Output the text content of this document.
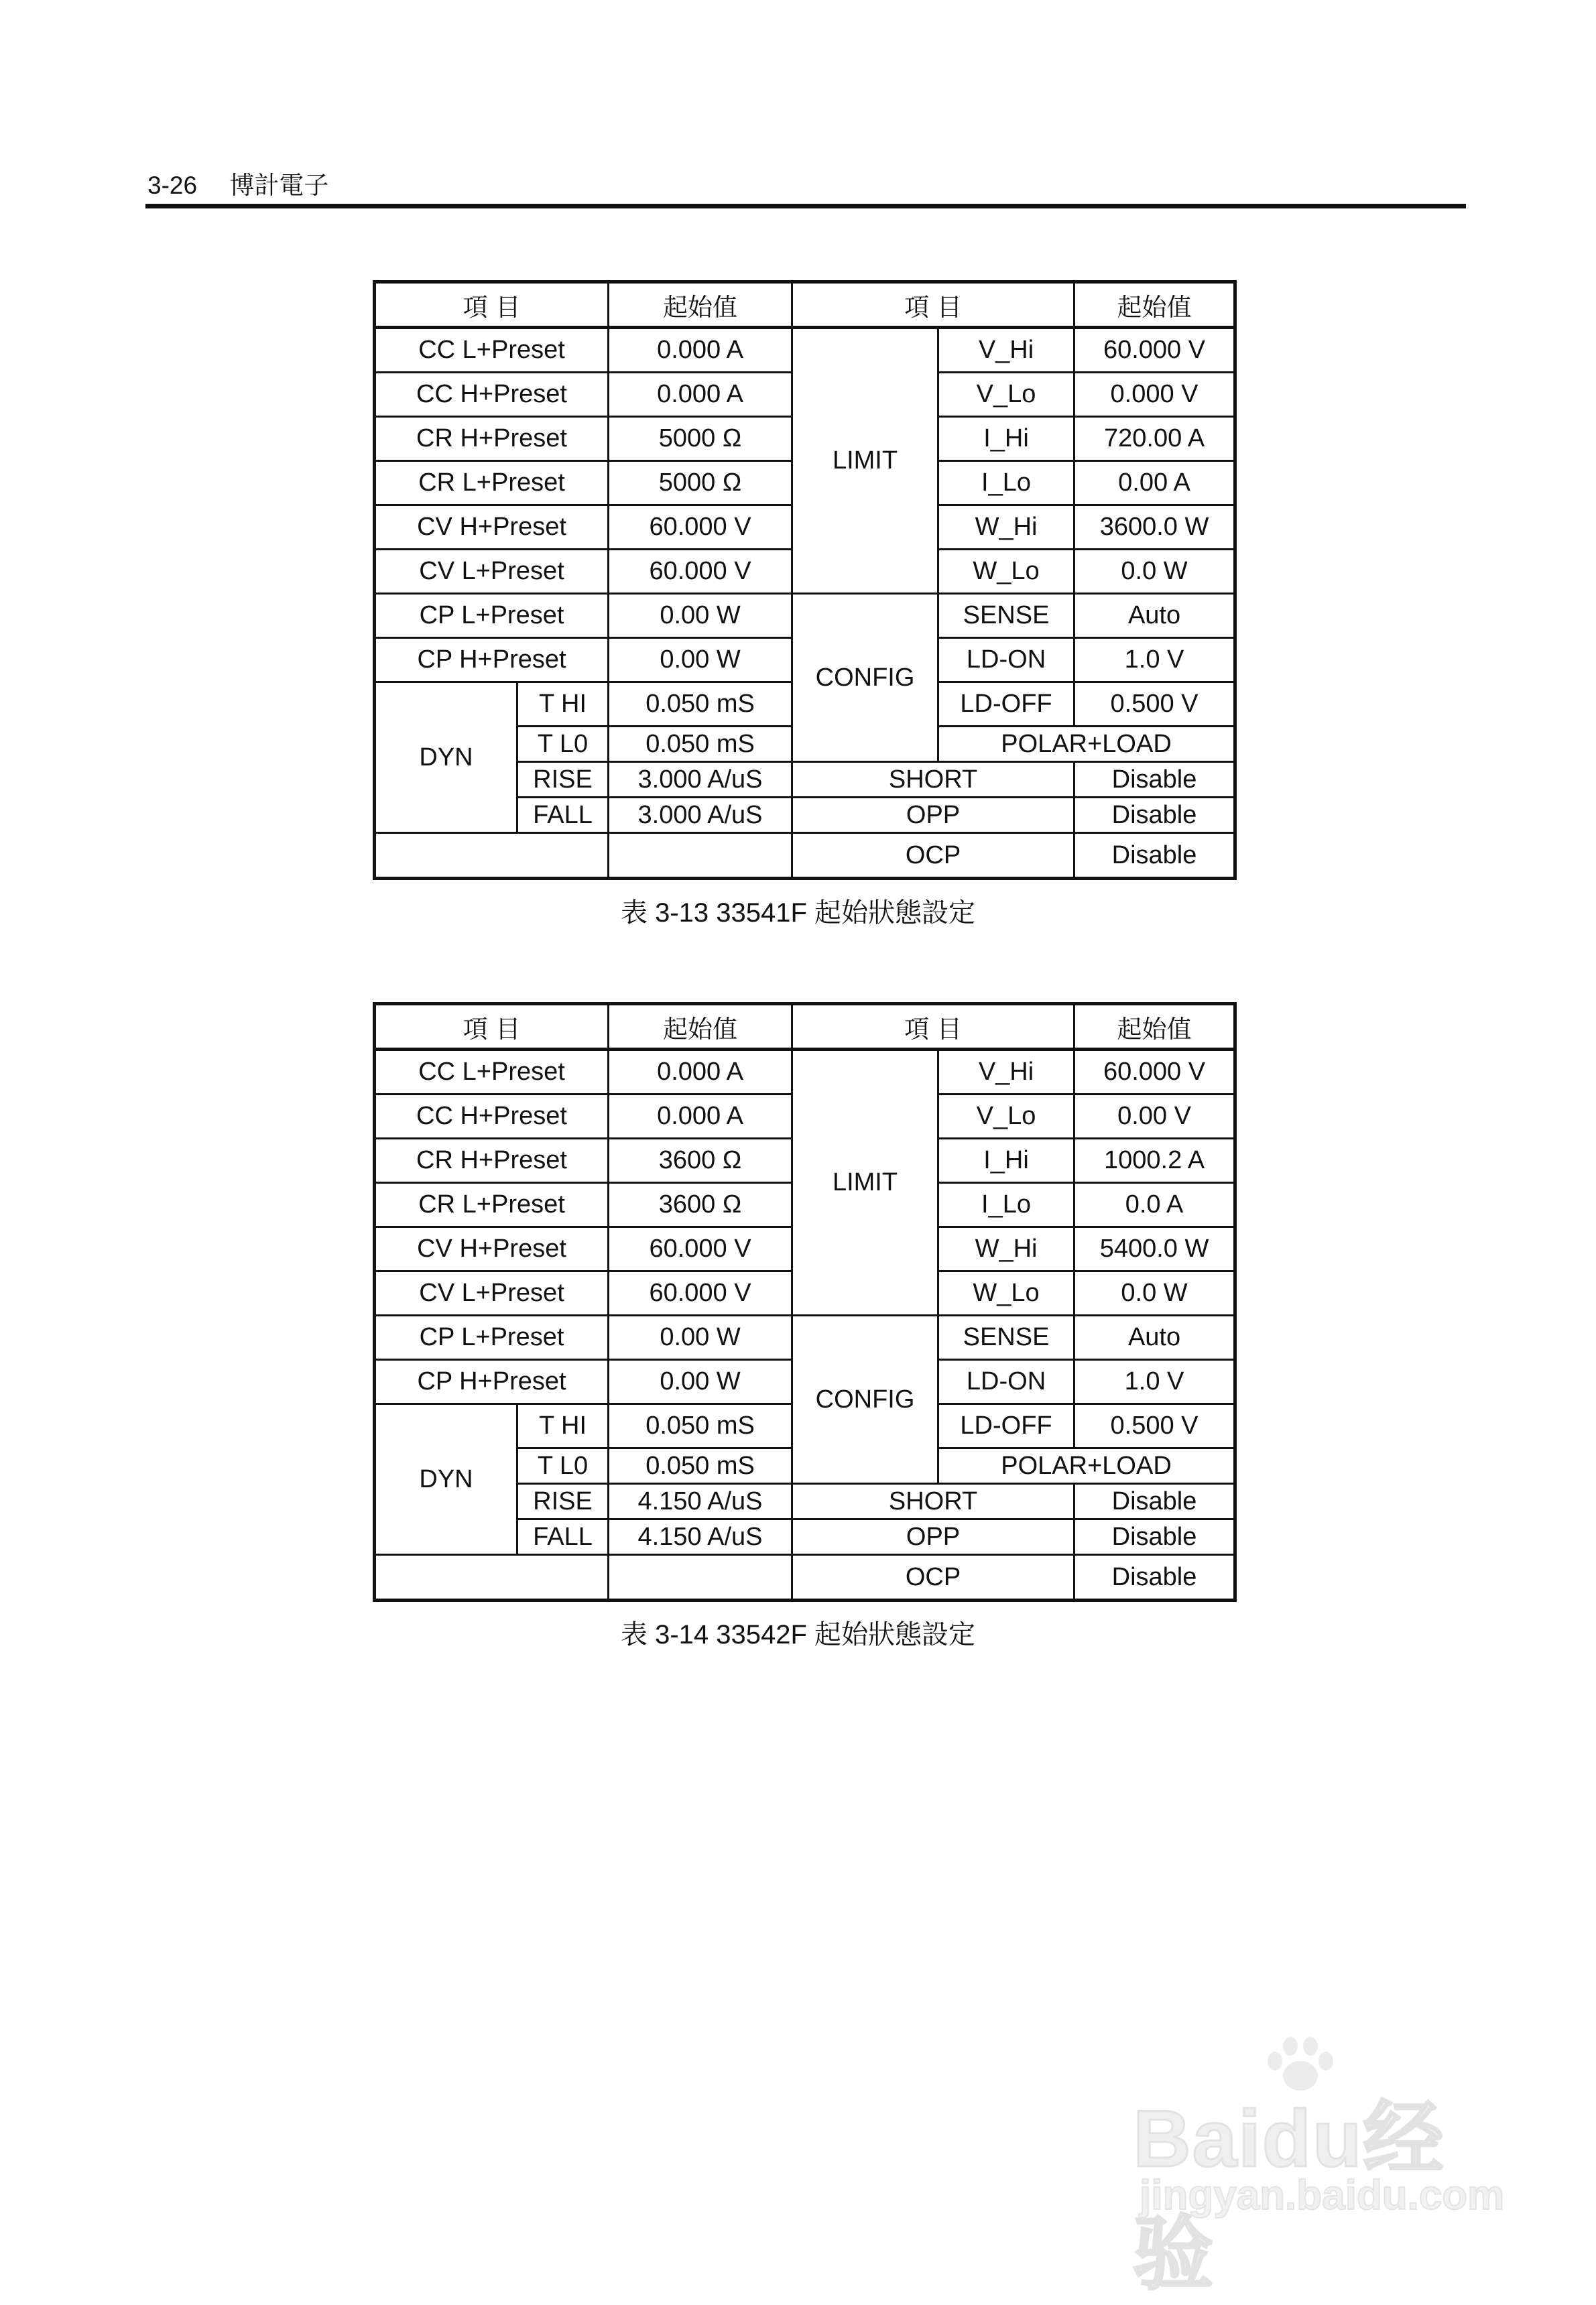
3-26 博計電子
項 目		起始值	項 目		起始值
CC L+Preset		0.000 A	LIMIT	V_Hi	60.000 V
CC H+Preset		0.000 A		V_Lo	0.000 V
CR H+Preset		5000 Ω		I_Hi	720.00 A
CR L+Preset		5000 Ω		I_Lo	0.00 A
CV H+Preset		60.000 V		W_Hi	3600.0 W
CV L+Preset		60.000 V		W_Lo	0.0 W
CP L+Preset		0.00 W	CONFIG	SENSE	Auto
CP H+Preset		0.00 W		LD-ON	1.0 V
DYN	T HI	0.050 mS		LD-OFF	0.500 V
	T L0	0.050 mS		POLAR+LOAD	
	RISE	3.000 A/uS	SHORT		Disable
	FALL	3.000 A/uS	OPP		Disable
			OCP		Disable
表 3-13 33541F 起始狀態設定
項 目		起始值	項 目		起始值
CC L+Preset		0.000 A	LIMIT	V_Hi	60.000 V
CC H+Preset		0.000 A		V_Lo	0.00 V
CR H+Preset		3600 Ω		I_Hi	1000.2 A
CR L+Preset		3600 Ω		I_Lo	0.0 A
CV H+Preset		60.000 V		W_Hi	5400.0 W
CV L+Preset		60.000 V		W_Lo	0.0 W
CP L+Preset		0.00 W	CONFIG	SENSE	Auto
CP H+Preset		0.00 W		LD-ON	1.0 V
DYN	T HI	0.050 mS		LD-OFF	0.500 V
	T L0	0.050 mS		POLAR+LOAD	
	RISE	4.150 A/uS	SHORT		Disable
	FALL	4.150 A/uS	OPP		Disable
			OCP		Disable
表 3-14 33542F 起始狀態設定
Baidu经验
jingyan.baidu.com
